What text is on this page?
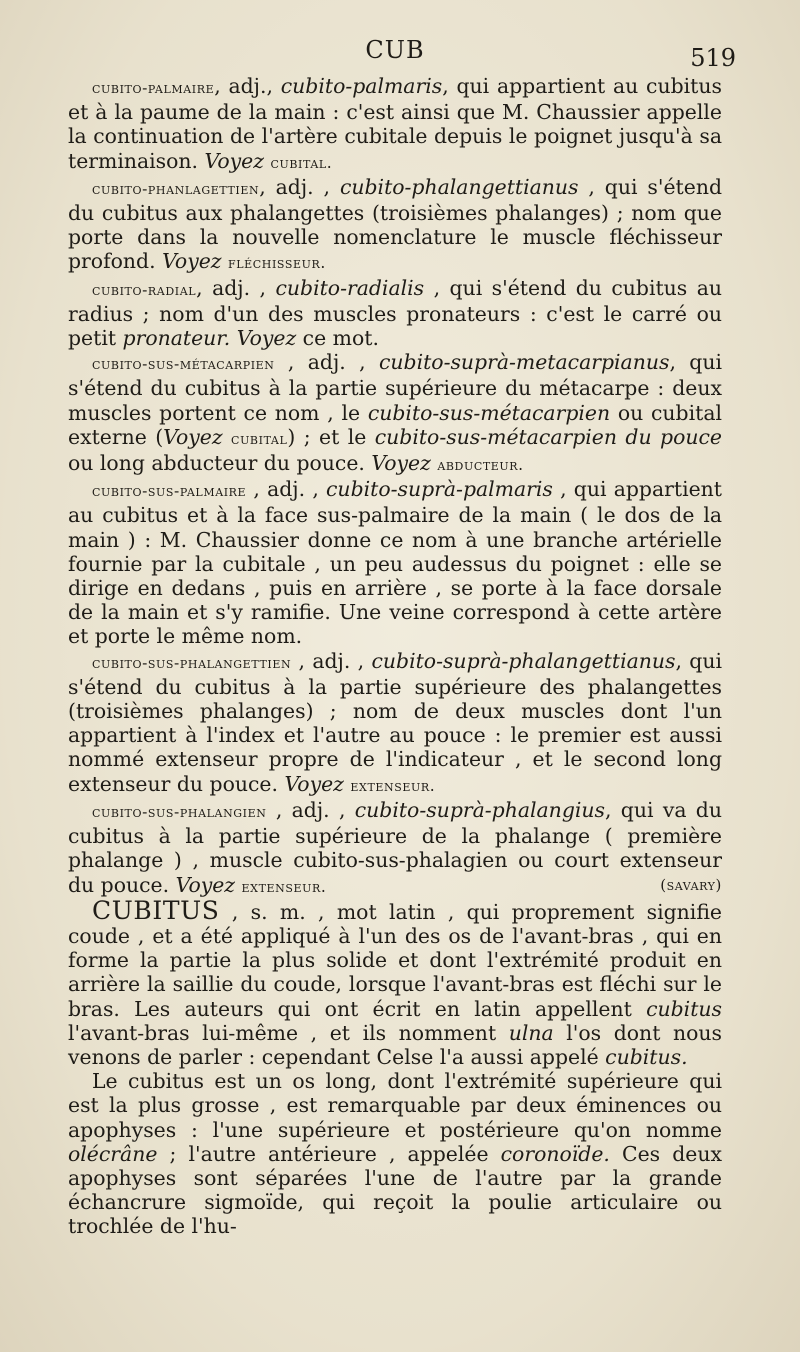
CUB	519

cubito-palmaire, adj., cubito-palmaris, qui appartient au cubitus et à la paume de la main : c'est ainsi que M. Chaussier appelle la continuation de l'artère cubitale depuis le poignet jusqu'à sa terminaison. Voyez cubital.

cubito-phanlagettien, adj. , cubito-phalangettianus , qui s'étend du cubitus aux phalangettes (troisièmes phalanges) ; nom que porte dans la nouvelle nomenclature le muscle fléchisseur profond. Voyez fléchisseur.

cubito-radial, adj. , cubito-radialis , qui s'étend du cubitus au radius ; nom d'un des muscles pronateurs : c'est le carré ou petit pronateur. Voyez ce mot.

cubito-sus-métacarpien , adj. , cubito-suprà-metacarpianus, qui s'étend du cubitus à la partie supérieure du métacarpe : deux muscles portent ce nom , le cubito-sus-métacarpien ou cubital externe (Voyez cubital) ; et le cubito-sus-métacarpien du pouce ou long abducteur du pouce. Voyez abducteur.

cubito-sus-palmaire , adj. , cubito-suprà-palmaris , qui appartient au cubitus et à la face sus-palmaire de la main ( le dos de la main ) : M. Chaussier donne ce nom à une branche artérielle fournie par la cubitale , un peu audessus du poignet : elle se dirige en dedans , puis en arrière , se porte à la face dorsale de la main et s'y ramifie. Une veine correspond à cette artère et porte le même nom.

cubito-sus-phalangettien , adj. , cubito-suprà-phalangettianus, qui s'étend du cubitus à la partie supérieure des phalangettes (troisièmes phalanges) ; nom de deux muscles dont l'un appartient à l'index et l'autre au pouce : le premier est aussi nommé extenseur propre de l'indicateur , et le second long extenseur du pouce. Voyez extenseur.

cubito-sus-phalangien , adj. , cubito-suprà-phalangius, qui va du cubitus à la partie supérieure de la phalange ( première phalange ) , muscle cubito-sus-phalagien ou court extenseur du pouce. Voyez extenseur.	(savary)

CUBITUS , s. m. , mot latin , qui proprement signifie coude , et a été appliqué à l'un des os de l'avant-bras , qui en forme la partie la plus solide et dont l'extrémité produit en arrière la saillie du coude, lorsque l'avant-bras est fléchi sur le bras. Les auteurs qui ont écrit en latin appellent cubitus l'avant-bras lui-même , et ils nomment ulna l'os dont nous venons de parler : cependant Celse l'a aussi appelé cubitus.

Le cubitus est un os long, dont l'extrémité supérieure qui est la plus grosse , est remarquable par deux éminences ou apophyses : l'une supérieure et postérieure qu'on nomme olécrâne ; l'autre antérieure , appelée coronoïde. Ces deux apophyses sont séparées l'une de l'autre par la grande échancrure sigmoïde, qui reçoit la poulie articulaire ou trochlée de l'hu-
